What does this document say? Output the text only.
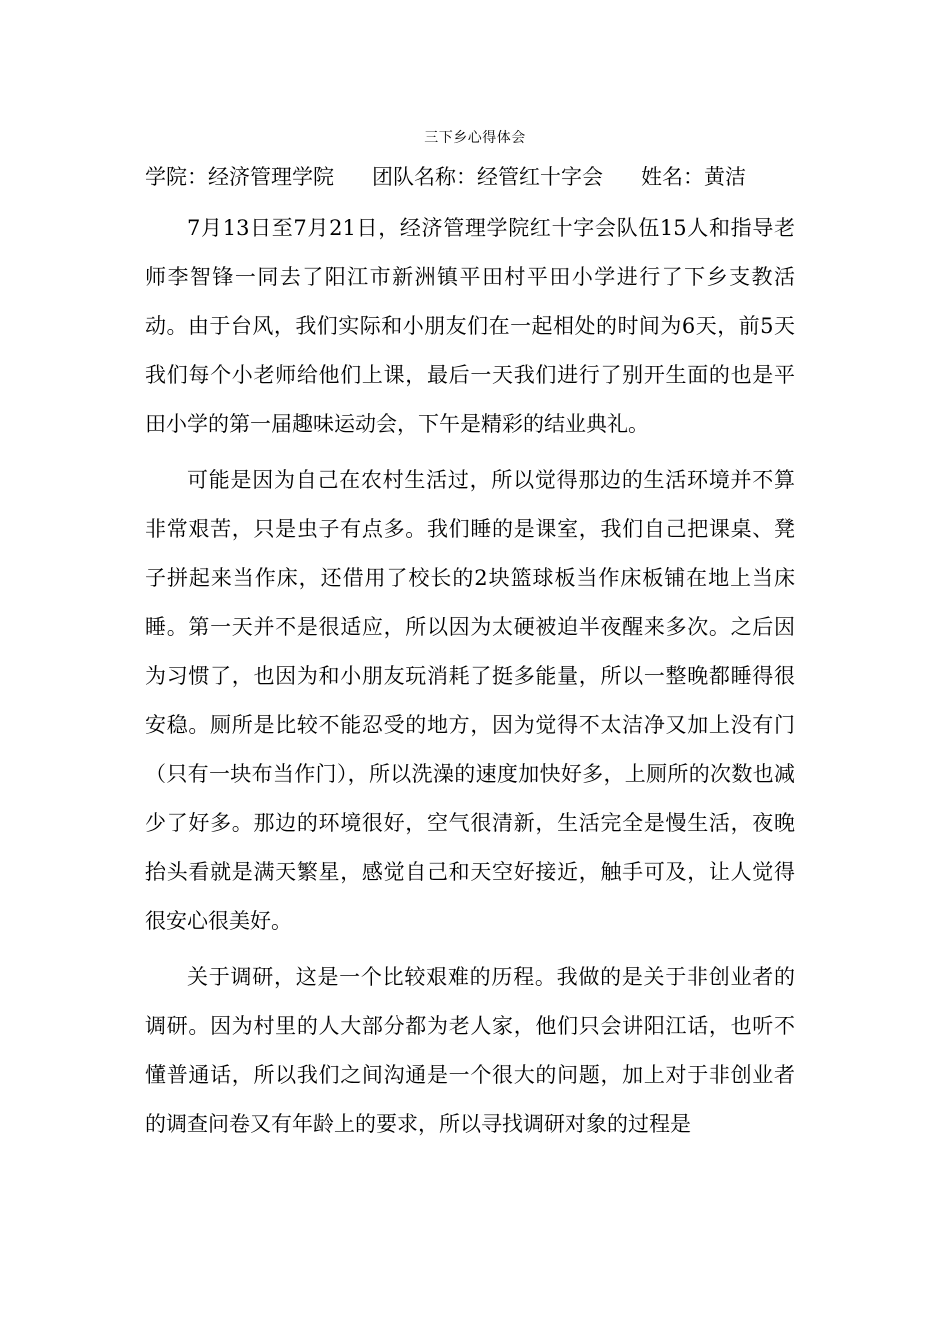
三下乡心得体会
学院：经济管理学院 团队名称：经管红十字会 姓名：黄洁

7月13日至7月21日，经济管理学院红十字会队伍15人和指导老师李智锋一同去了阳江市新洲镇平田村平田小学进行了下乡支教活动。由于台风，我们实际和小朋友们在一起相处的时间为6天，前5天我们每个小老师给他们上课，最后一天我们进行了别开生面的也是平田小学的第一届趣味运动会，下午是精彩的结业典礼。

可能是因为自己在农村生活过，所以觉得那边的生活环境并不算非常艰苦，只是虫子有点多。我们睡的是课室，我们自己把课桌、凳子拼起来当作床，还借用了校长的2块篮球板当作床板铺在地上当床睡。第一天并不是很适应，所以因为太硬被迫半夜醒来多次。之后因为习惯了，也因为和小朋友玩消耗了挺多能量，所以一整晚都睡得很安稳。厕所是比较不能忍受的地方，因为觉得不太洁净又加上没有门（只有一块布当作门），所以洗澡的速度加快好多，上厕所的次数也减少了好多。那边的环境很好，空气很清新，生活完全是慢生活，夜晚抬头看就是满天繁星，感觉自己和天空好接近，触手可及，让人觉得很安心很美好。

关于调研，这是一个比较艰难的历程。我做的是关于非创业者的调研。因为村里的人大部分都为老人家，他们只会讲阳江话，也听不懂普通话，所以我们之间沟通是一个很大的问题，加上对于非创业者的调查问卷又有年龄上的要求，所以寻找调研对象的过程是
